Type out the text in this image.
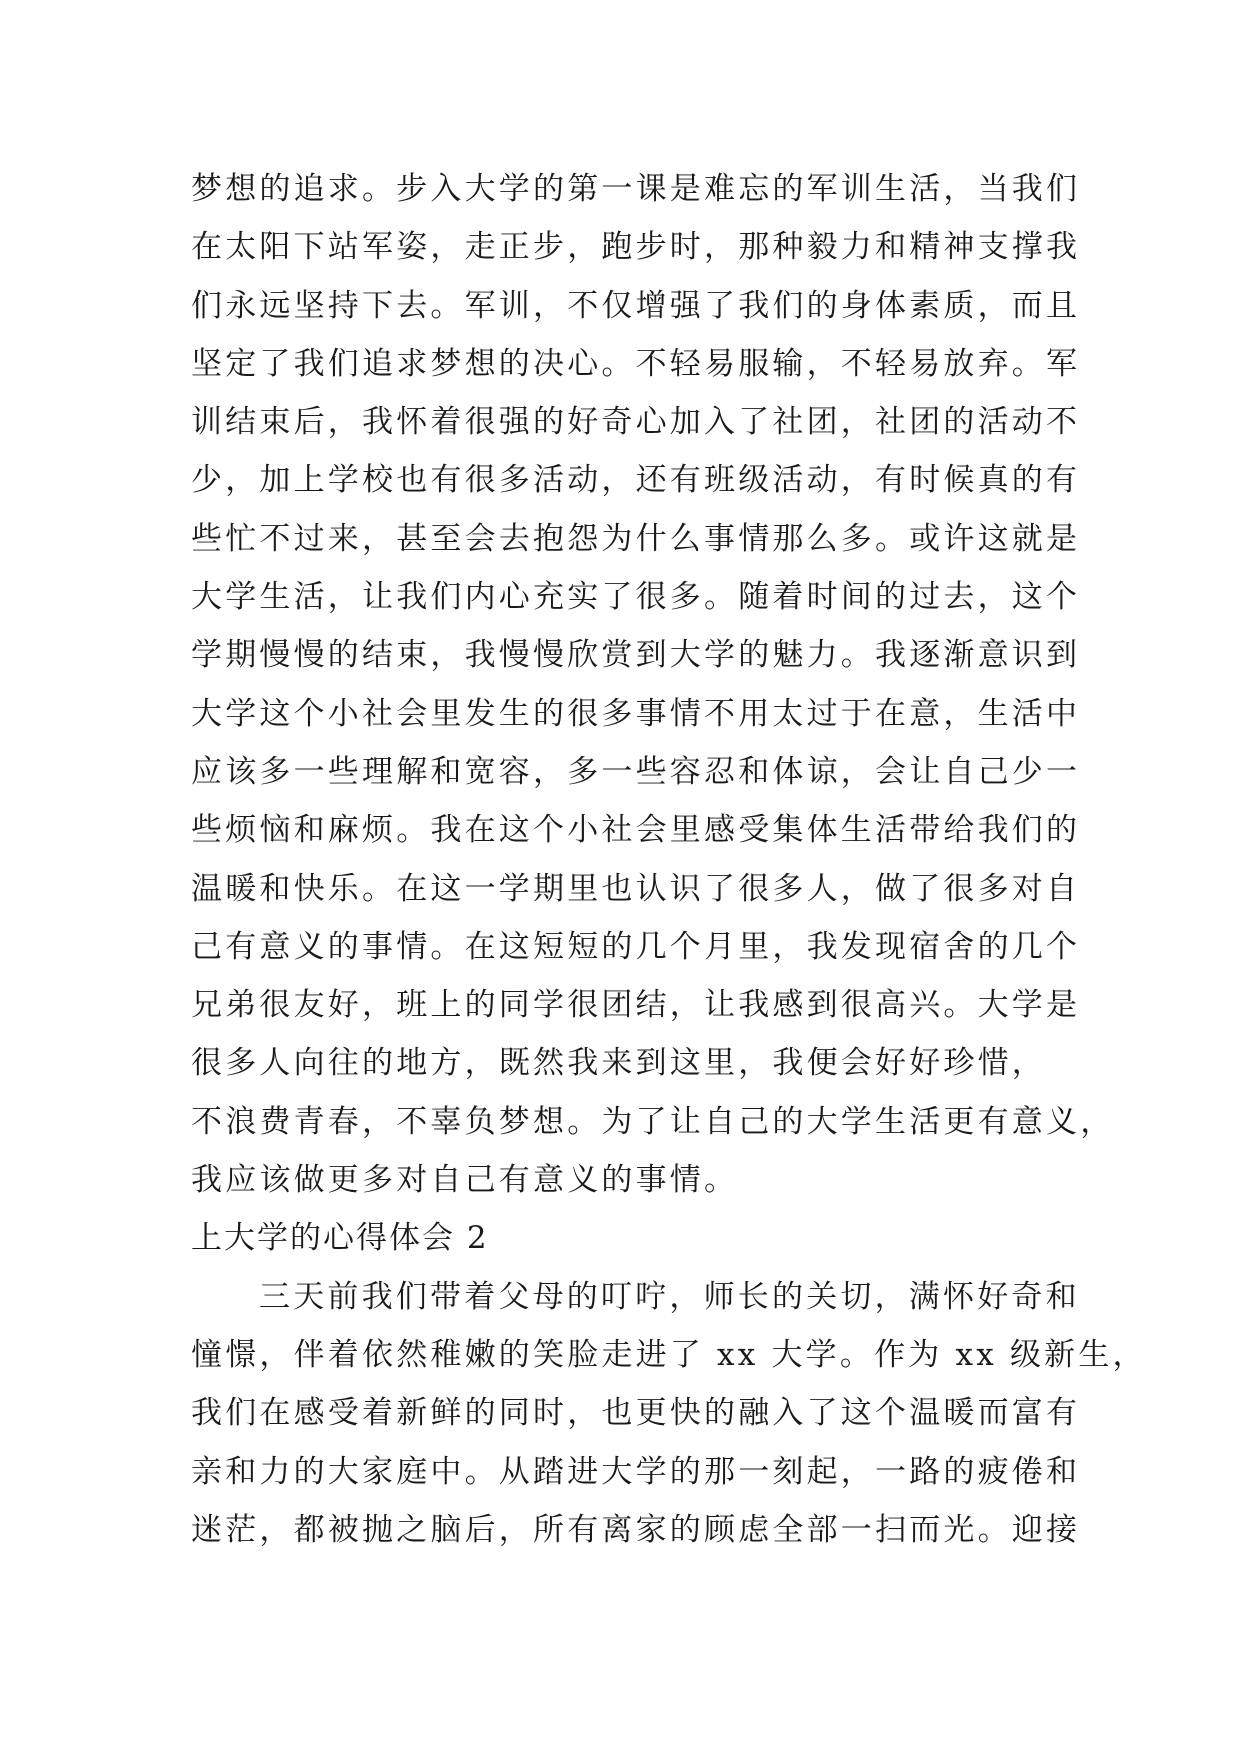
梦想的追求。步入大学的第一课是难忘的军训生活，当我们
在太阳下站军姿，走正步，跑步时，那种毅力和精神支撑我
们永远坚持下去。军训，不仅增强了我们的身体素质，而且
坚定了我们追求梦想的决心。不轻易服输，不轻易放弃。军
训结束后，我怀着很强的好奇心加入了社团，社团的活动不
少，加上学校也有很多活动，还有班级活动，有时候真的有
些忙不过来，甚至会去抱怨为什么事情那么多。或许这就是
大学生活，让我们内心充实了很多。随着时间的过去，这个
学期慢慢的结束，我慢慢欣赏到大学的魅力。我逐渐意识到
大学这个小社会里发生的很多事情不用太过于在意，生活中
应该多一些理解和宽容，多一些容忍和体谅，会让自己少一
些烦恼和麻烦。我在这个小社会里感受集体生活带给我们的
温暖和快乐。在这一学期里也认识了很多人，做了很多对自
己有意义的事情。在这短短的几个月里，我发现宿舍的几个
兄弟很友好，班上的同学很团结，让我感到很高兴。大学是
很多人向往的地方，既然我来到这里，我便会好好珍惜，
不浪费青春，不辜负梦想。为了让自己的大学生活更有意义，
我应该做更多对自己有意义的事情。
上大学的心得体会 2
三天前我们带着父母的叮咛，师长的关切，满怀好奇和
憧憬，伴着依然稚嫩的笑脸走进了 xx 大学。作为 xx 级新生，
我们在感受着新鲜的同时，也更快的融入了这个温暖而富有
亲和力的大家庭中。从踏进大学的那一刻起，一路的疲倦和
迷茫，都被抛之脑后，所有离家的顾虑全部一扫而光。迎接
